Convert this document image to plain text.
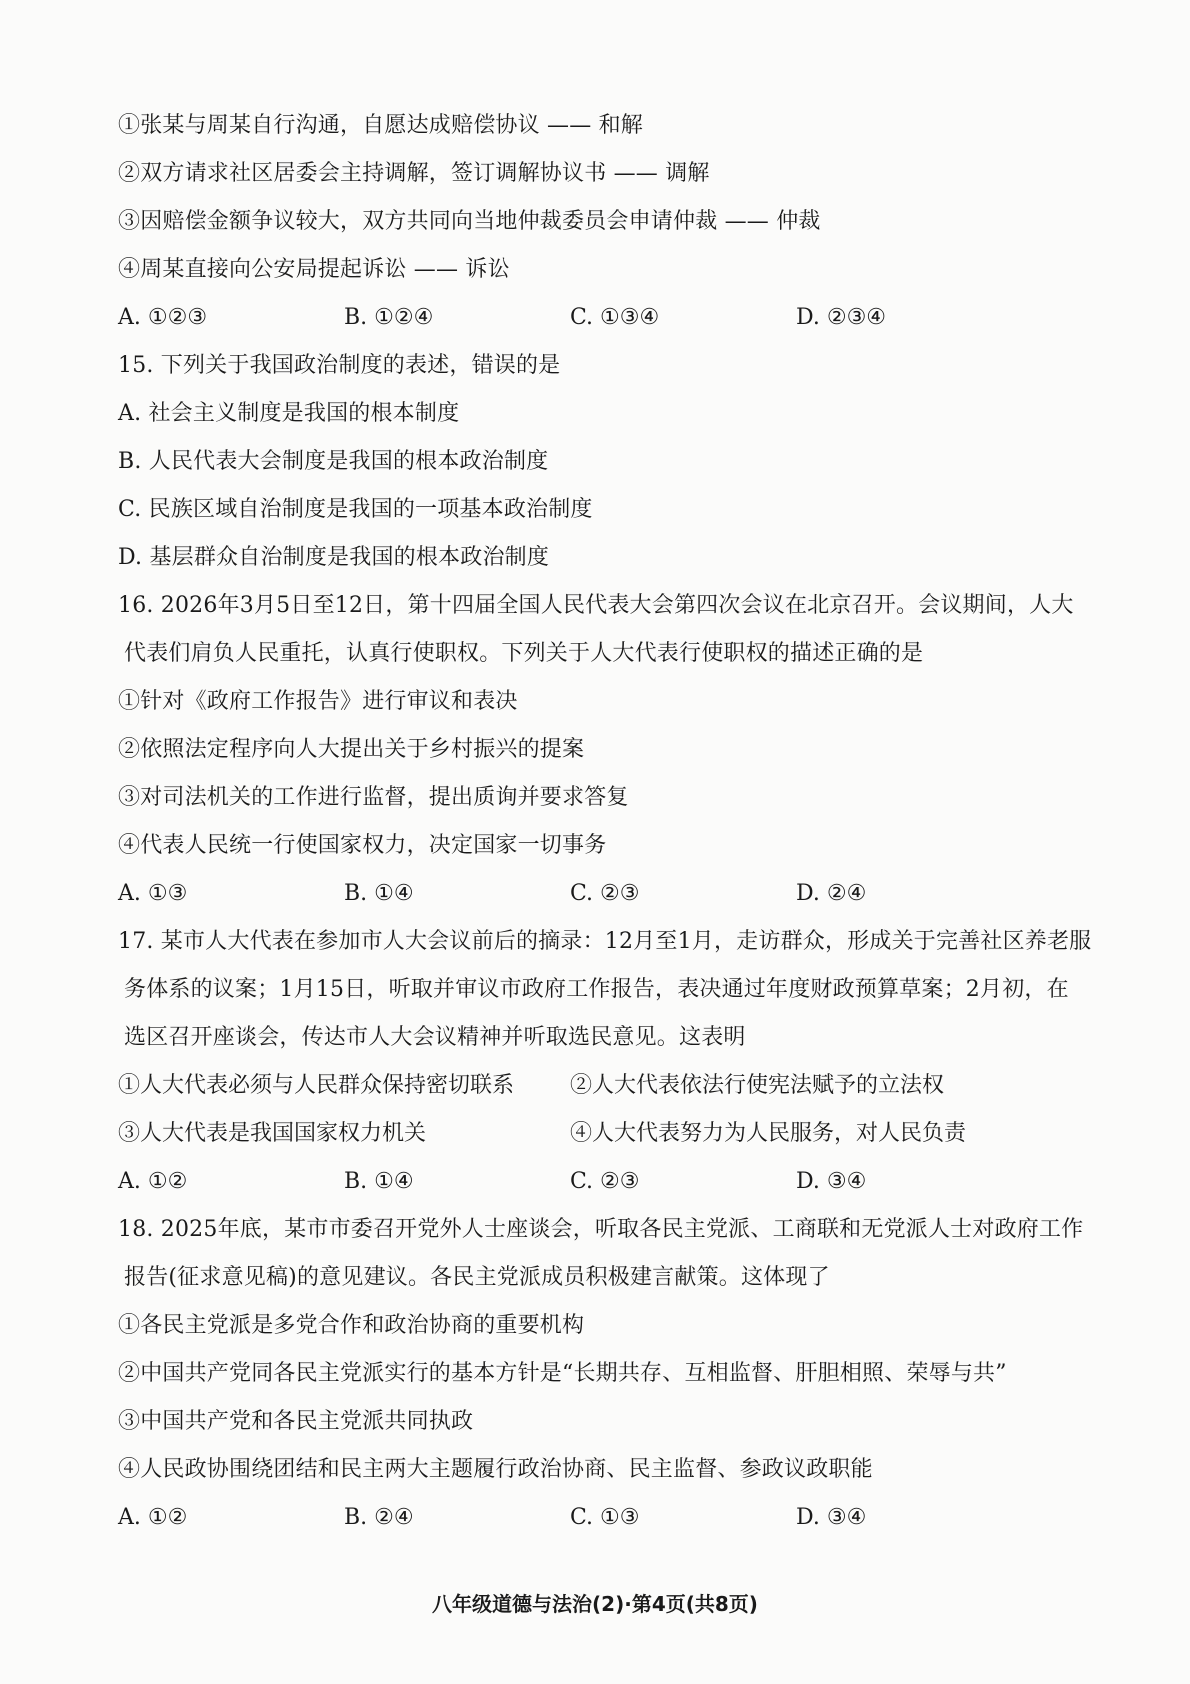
①张某与周某自行沟通，自愿达成赔偿协议 —— 和解
②双方请求社区居委会主持调解，签订调解协议书 —— 调解
③因赔偿金额争议较大，双方共同向当地仲裁委员会申请仲裁 —— 仲裁
④周某直接向公安局提起诉讼 —— 诉讼
A. ①②③	B. ①②④	C. ①③④	D. ②③④
15. 下列关于我国政治制度的表述，错误的是
A. 社会主义制度是我国的根本制度
B. 人民代表大会制度是我国的根本政治制度
C. 民族区域自治制度是我国的一项基本政治制度
D. 基层群众自治制度是我国的根本政治制度
16. 2026年3月5日至12日，第十四届全国人民代表大会第四次会议在北京召开。会议期间，人大
代表们肩负人民重托，认真行使职权。下列关于人大代表行使职权的描述正确的是
①针对《政府工作报告》进行审议和表决
②依照法定程序向人大提出关于乡村振兴的提案
③对司法机关的工作进行监督，提出质询并要求答复
④代表人民统一行使国家权力，决定国家一切事务
A. ①③	B. ①④	C. ②③	D. ②④
17. 某市人大代表在参加市人大会议前后的摘录：12月至1月，走访群众，形成关于完善社区养老服
务体系的议案；1月15日，听取并审议市政府工作报告，表决通过年度财政预算草案；2月初，在
选区召开座谈会，传达市人大会议精神并听取选民意见。这表明
①人大代表必须与人民群众保持密切联系	②人大代表依法行使宪法赋予的立法权
③人大代表是我国国家权力机关	④人大代表努力为人民服务，对人民负责
A. ①②	B. ①④	C. ②③	D. ③④
18. 2025年底，某市市委召开党外人士座谈会，听取各民主党派、工商联和无党派人士对政府工作
报告(征求意见稿)的意见建议。各民主党派成员积极建言献策。这体现了
①各民主党派是多党合作和政治协商的重要机构
②中国共产党同各民主党派实行的基本方针是“长期共存、互相监督、肝胆相照、荣辱与共”
③中国共产党和各民主党派共同执政
④人民政协围绕团结和民主两大主题履行政治协商、民主监督、参政议政职能
A. ①②	B. ②④	C. ①③	D. ③④
八年级道德与法治(2)·第4页(共8页)
